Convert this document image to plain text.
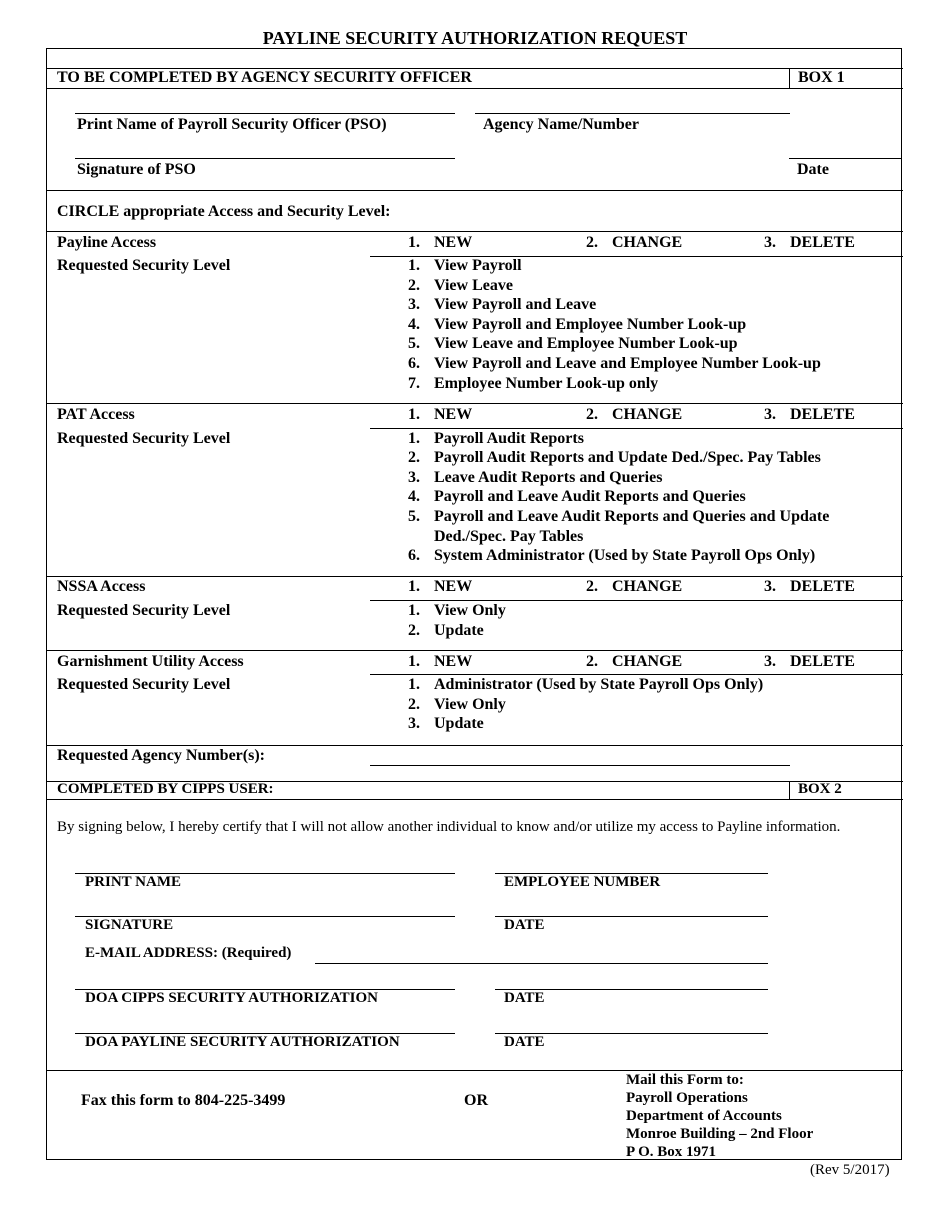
PAYLINE SECURITY AUTHORIZATION REQUEST
TO BE COMPLETED BY AGENCY SECURITY OFFICER	BOX 1
Print Name of Payroll Security Officer (PSO)	Agency Name/Number
Signature of PSO	Date
CIRCLE appropriate Access and Security Level:
Payline Access	1. NEW	2. CHANGE	3. DELETE
Requested Security Level	1. View Payroll
2. View Leave
3. View Payroll and Leave
4. View Payroll and Employee Number Look-up
5. View Leave and Employee Number Look-up
6. View Payroll and Leave and Employee Number Look-up
7. Employee Number Look-up only
PAT Access	1. NEW	2. CHANGE	3. DELETE
Requested Security Level	1. Payroll Audit Reports
2. Payroll Audit Reports and Update Ded./Spec. Pay Tables
3. Leave Audit Reports and Queries
4. Payroll and Leave Audit Reports and Queries
5. Payroll and Leave Audit Reports and Queries and Update
Ded./Spec. Pay Tables
6. System Administrator (Used by State Payroll Ops Only)
NSSA Access	1. NEW	2. CHANGE	3. DELETE
Requested Security Level	1. View Only
2. Update
Garnishment Utility Access	1. NEW	2. CHANGE	3. DELETE
Requested Security Level	1. Administrator (Used by State Payroll Ops Only)
2. View Only
3. Update
Requested Agency Number(s):
COMPLETED BY CIPPS USER:	BOX 2
By signing below, I hereby certify that I will not allow another individual to know and/or utilize my access to Payline information.
PRINT NAME	EMPLOYEE NUMBER
SIGNATURE	DATE
E-MAIL ADDRESS: (Required)
DOA CIPPS SECURITY AUTHORIZATION	DATE
DOA PAYLINE SECURITY AUTHORIZATION	DATE
Fax this form to 804-225-3499	OR
Mail this Form to:
Payroll Operations
Department of Accounts
Monroe Building – 2nd Floor
P O. Box 1971
(Rev 5/2017)
